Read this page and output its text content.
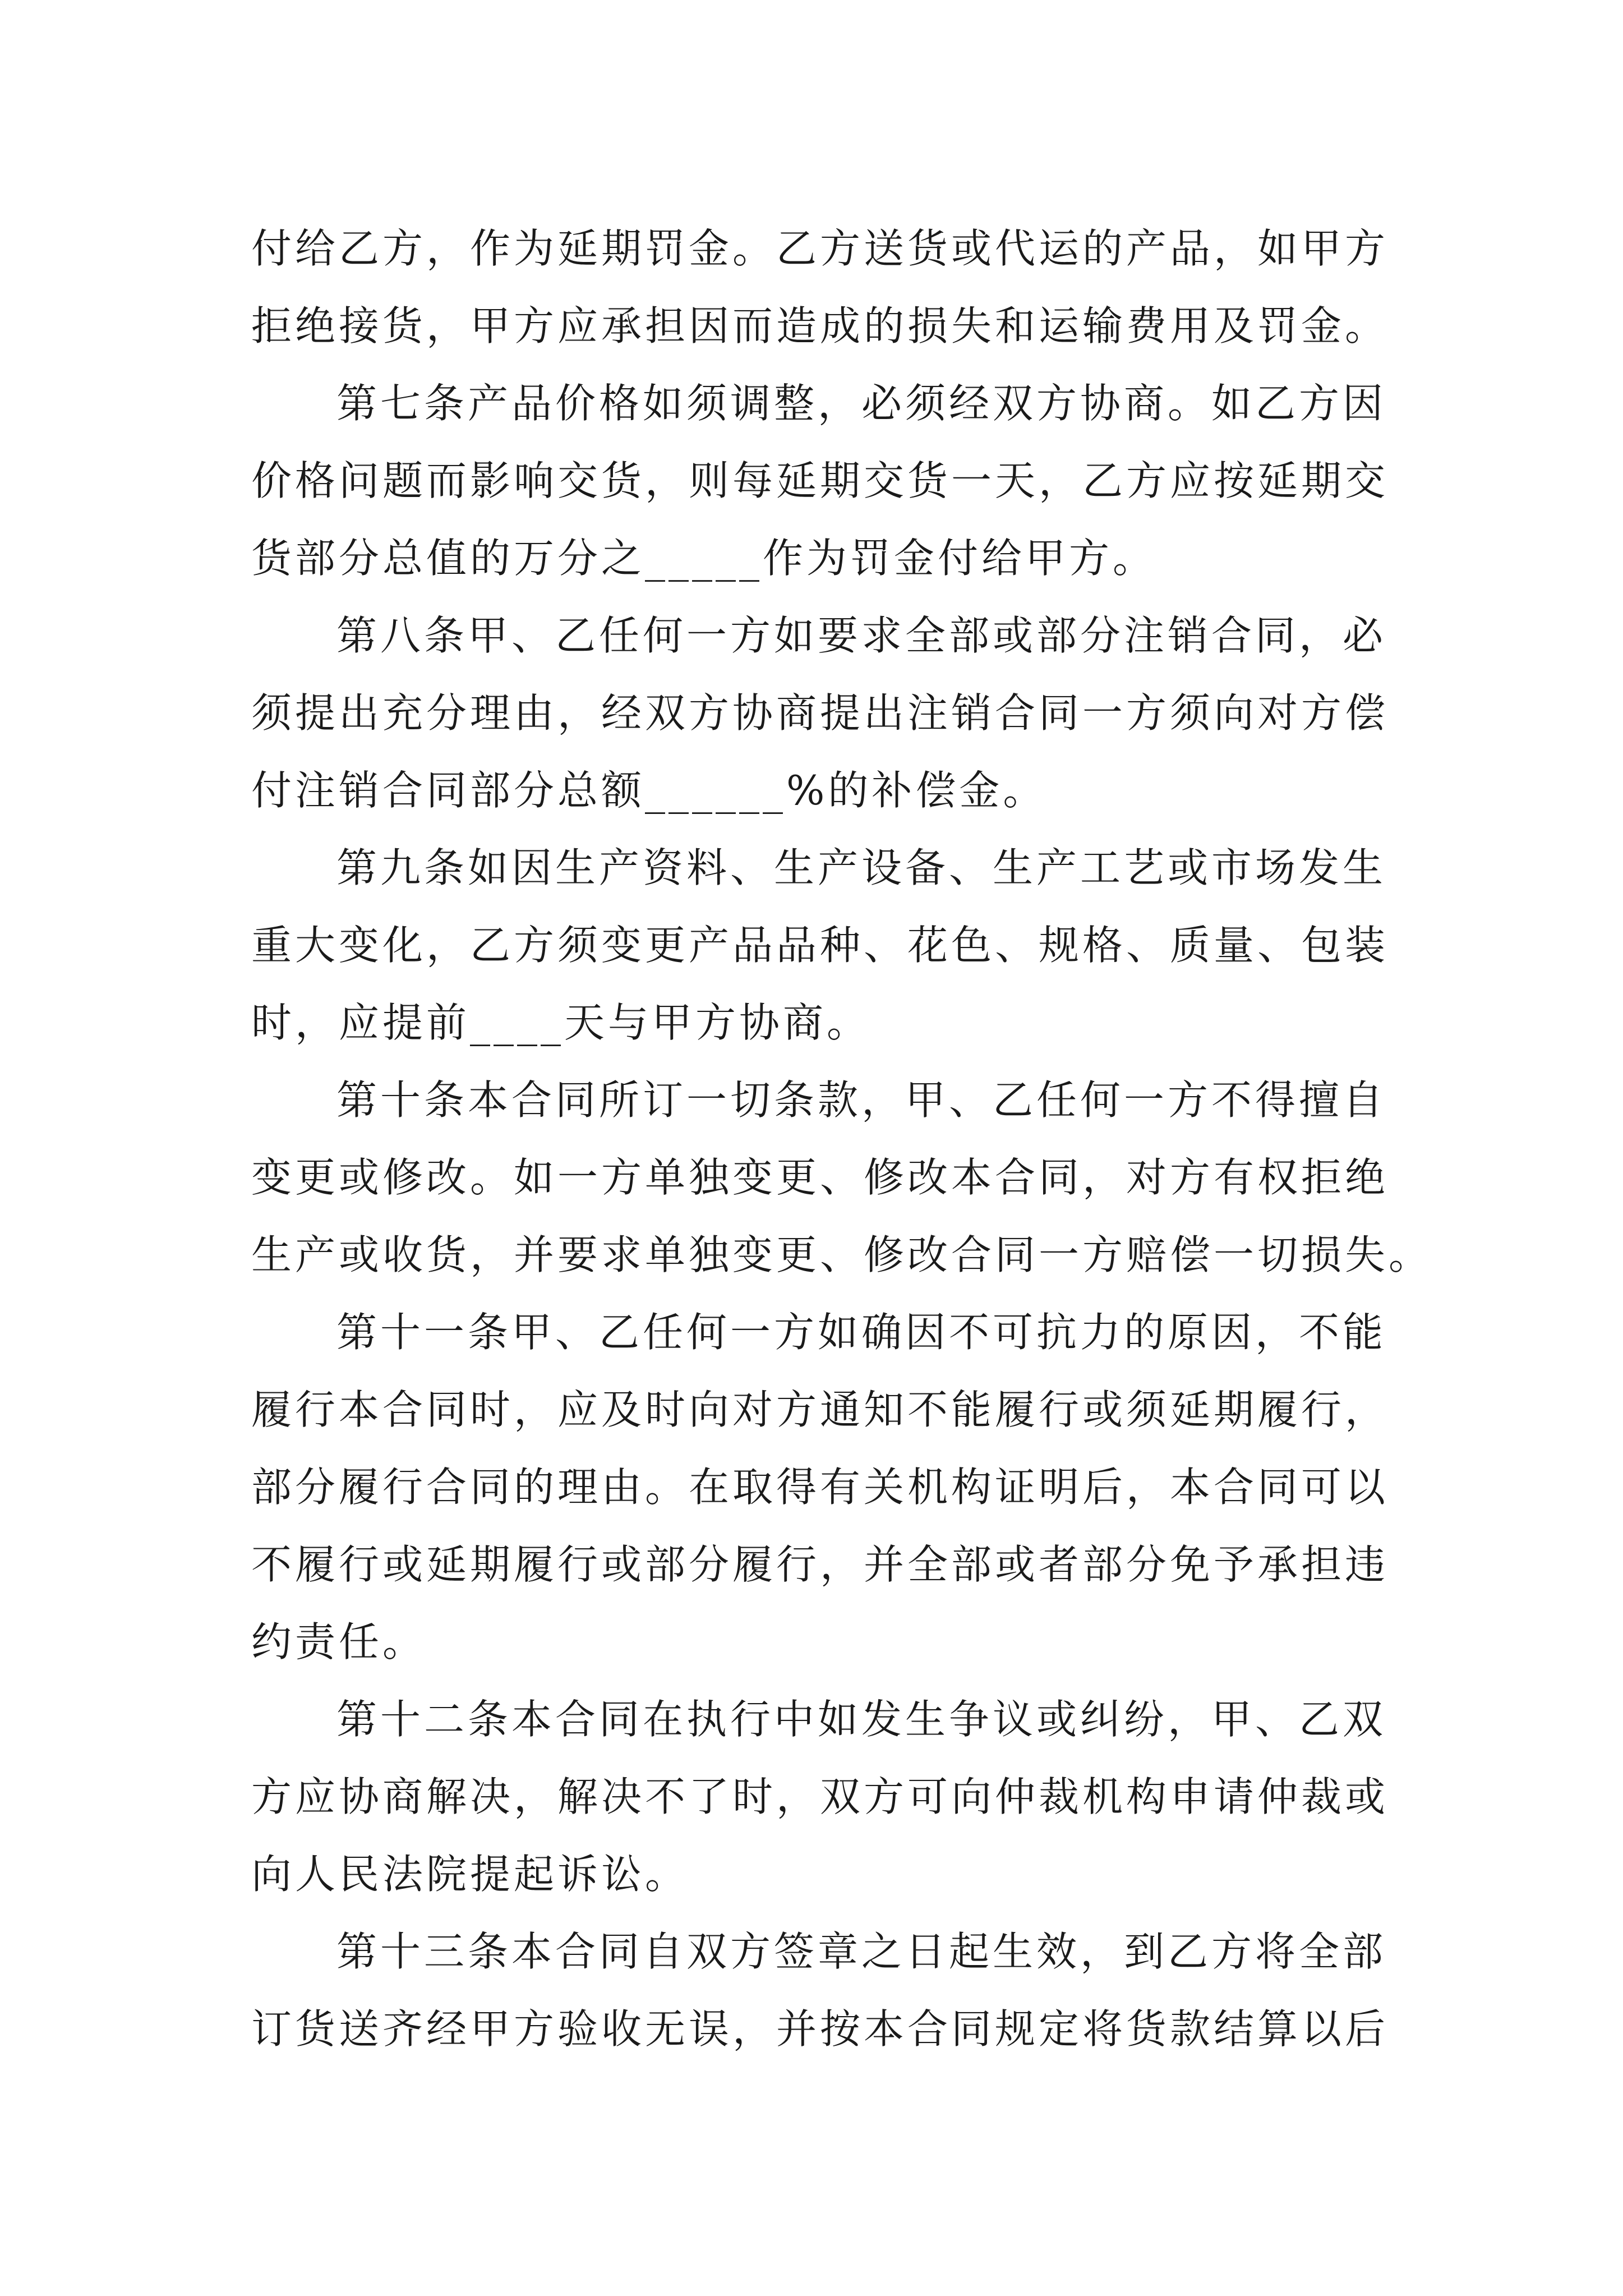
付给乙方，作为延期罚金。乙方送货或代运的产品，如甲方
拒绝接货，甲方应承担因而造成的损失和运输费用及罚金。
第七条产品价格如须调整，必须经双方协商。如乙方因
价格问题而影响交货，则每延期交货一天，乙方应按延期交
货部分总值的万分之_____作为罚金付给甲方。
第八条甲、乙任何一方如要求全部或部分注销合同，必
须提出充分理由，经双方协商提出注销合同一方须向对方偿
付注销合同部分总额______%的补偿金。
第九条如因生产资料、生产设备、生产工艺或市场发生
重大变化，乙方须变更产品品种、花色、规格、质量、包装
时，应提前____天与甲方协商。
第十条本合同所订一切条款，甲、乙任何一方不得擅自
变更或修改。如一方单独变更、修改本合同，对方有权拒绝
生产或收货，并要求单独变更、修改合同一方赔偿一切损失。
第十一条甲、乙任何一方如确因不可抗力的原因，不能
履行本合同时，应及时向对方通知不能履行或须延期履行，
部分履行合同的理由。在取得有关机构证明后，本合同可以
不履行或延期履行或部分履行，并全部或者部分免予承担违
约责任。
第十二条本合同在执行中如发生争议或纠纷，甲、乙双
方应协商解决，解决不了时，双方可向仲裁机构申请仲裁或
向人民法院提起诉讼。
第十三条本合同自双方签章之日起生效，到乙方将全部
订货送齐经甲方验收无误，并按本合同规定将货款结算以后
